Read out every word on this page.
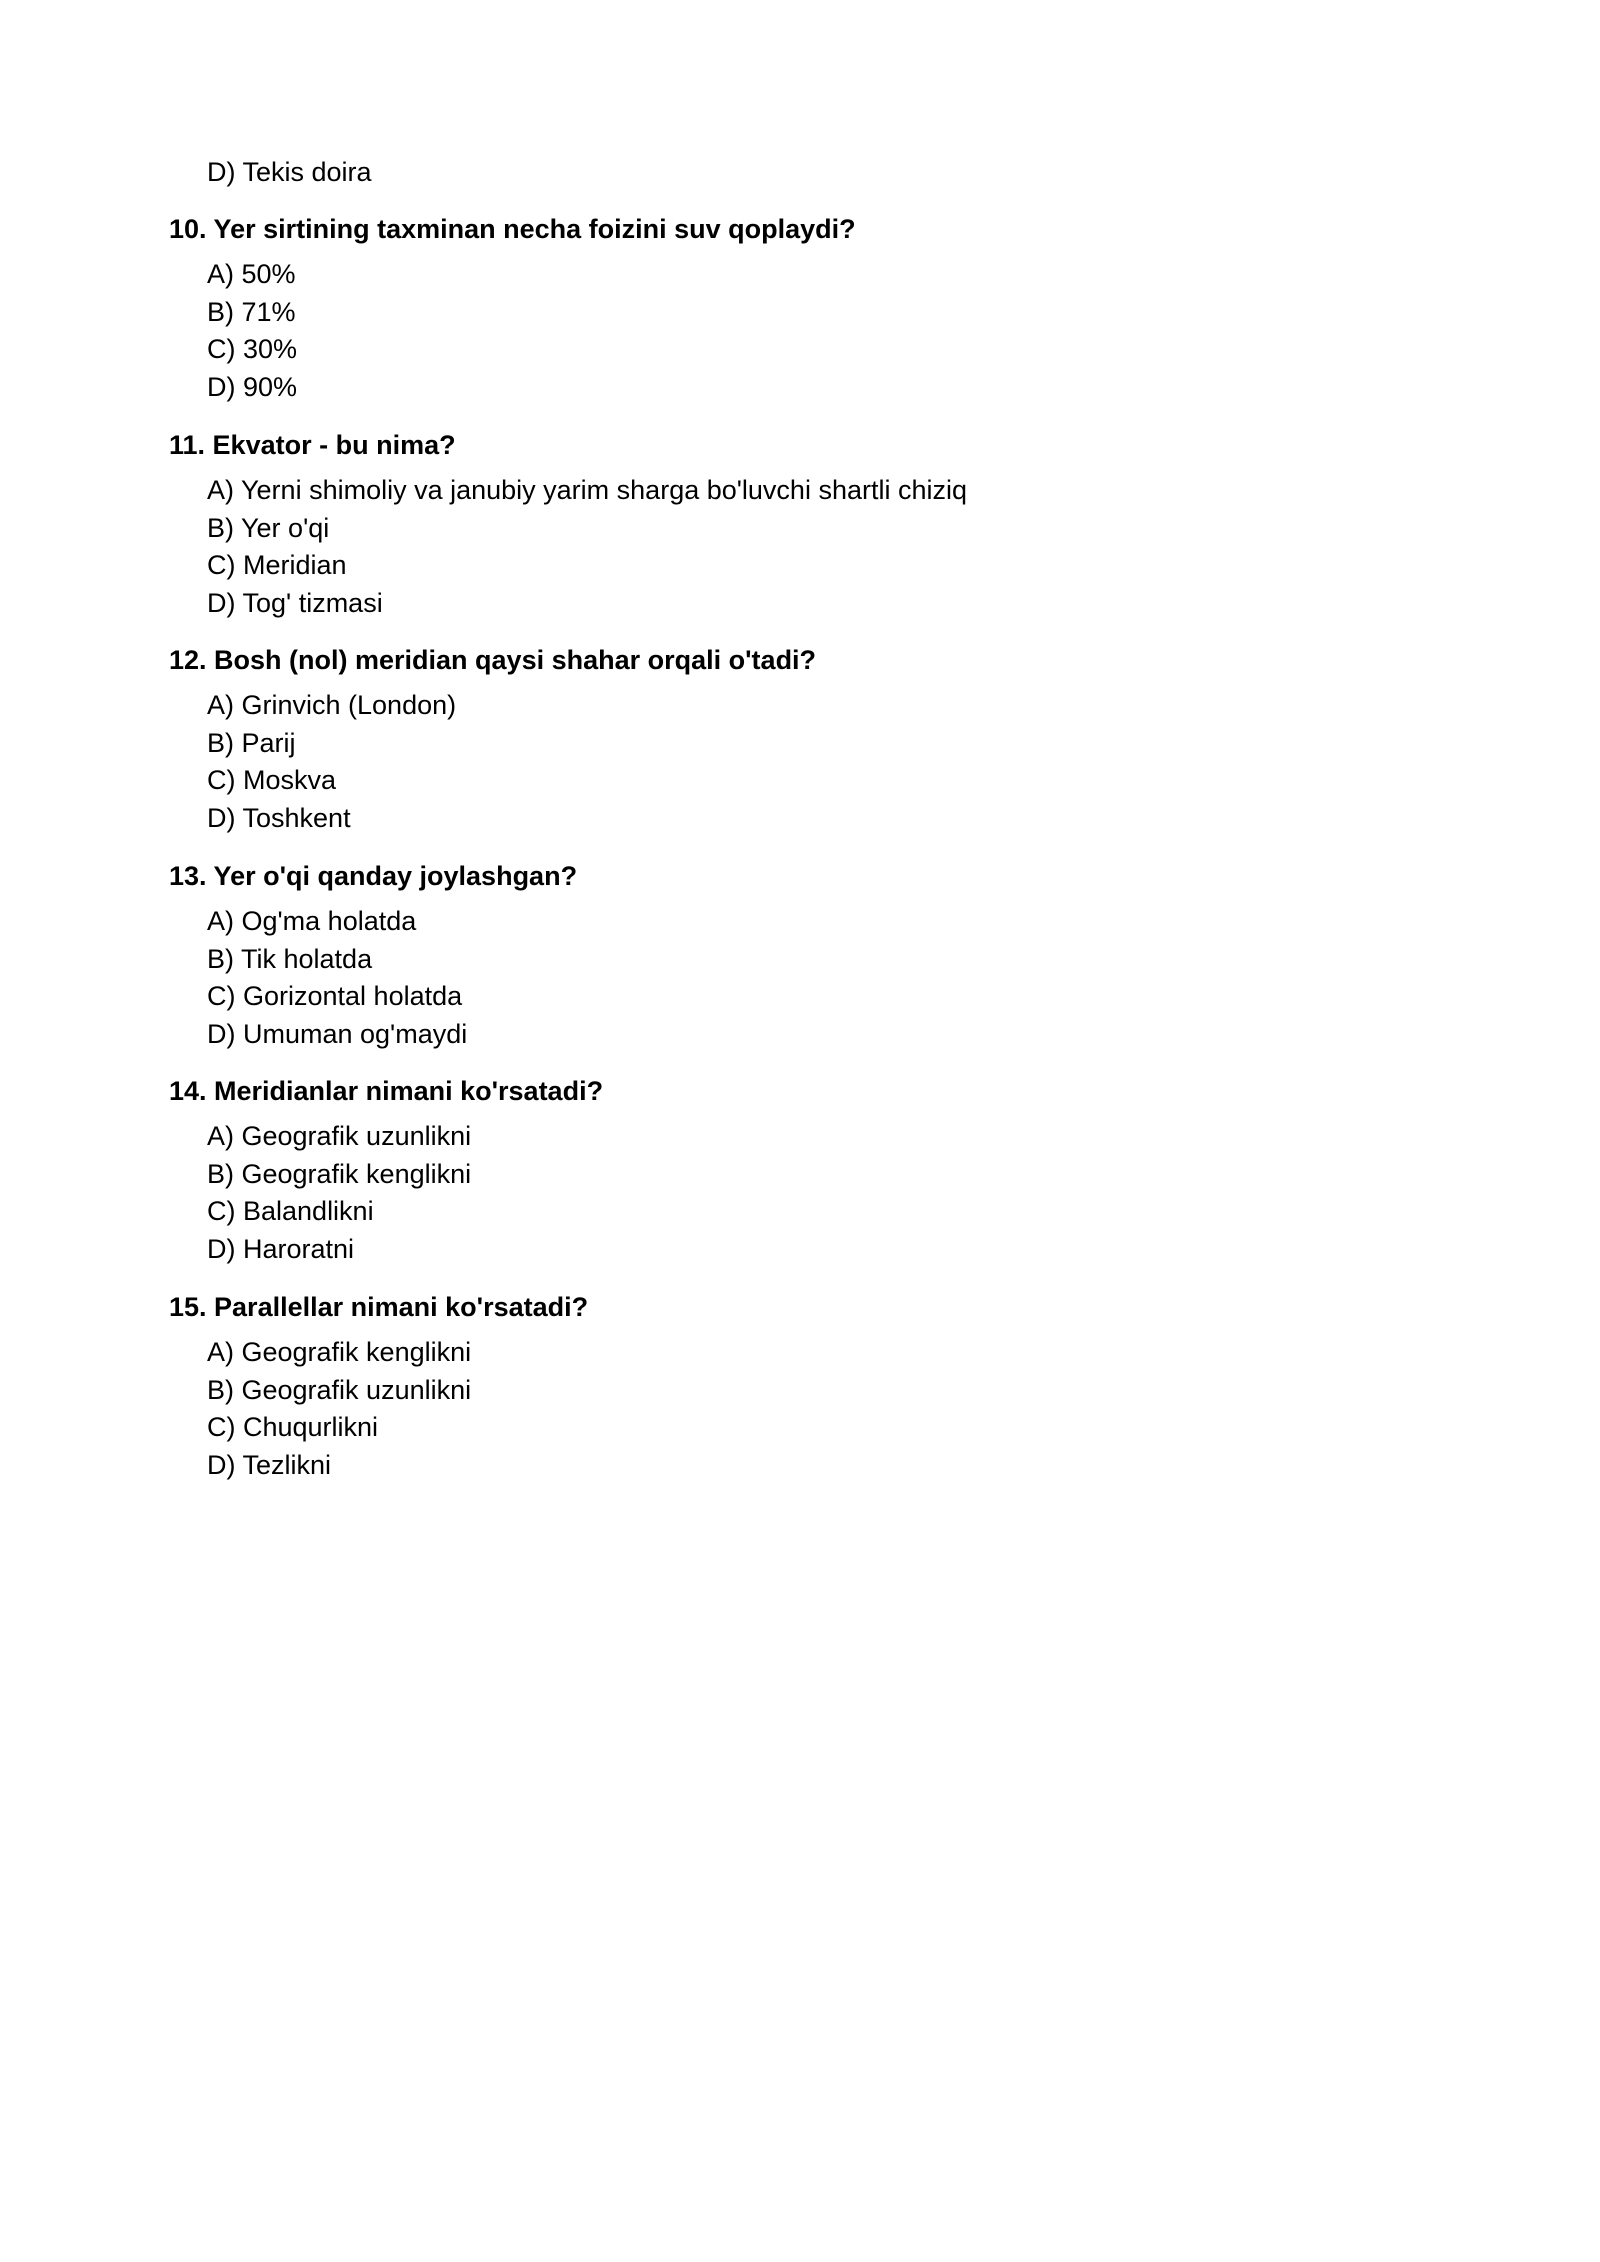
D) Tekis doira
10. Yer sirtining taxminan necha foizini suv qoplaydi?
A) 50%
B) 71%
C) 30%
D) 90%
11. Ekvator - bu nima?
A) Yerni shimoliy va janubiy yarim sharga bo'luvchi shartli chiziq
B) Yer o'qi
C) Meridian
D) Tog' tizmasi
12. Bosh (nol) meridian qaysi shahar orqali o'tadi?
A) Grinvich (London)
B) Parij
C) Moskva
D) Toshkent
13. Yer o'qi qanday joylashgan?
A) Og'ma holatda
B) Tik holatda
C) Gorizontal holatda
D) Umuman og'maydi
14. Meridianlar nimani ko'rsatadi?
A) Geografik uzunlikni
B) Geografik kenglikni
C) Balandlikni
D) Haroratni
15. Parallellar nimani ko'rsatadi?
A) Geografik kenglikni
B) Geografik uzunlikni
C) Chuqurlikni
D) Tezlikni
